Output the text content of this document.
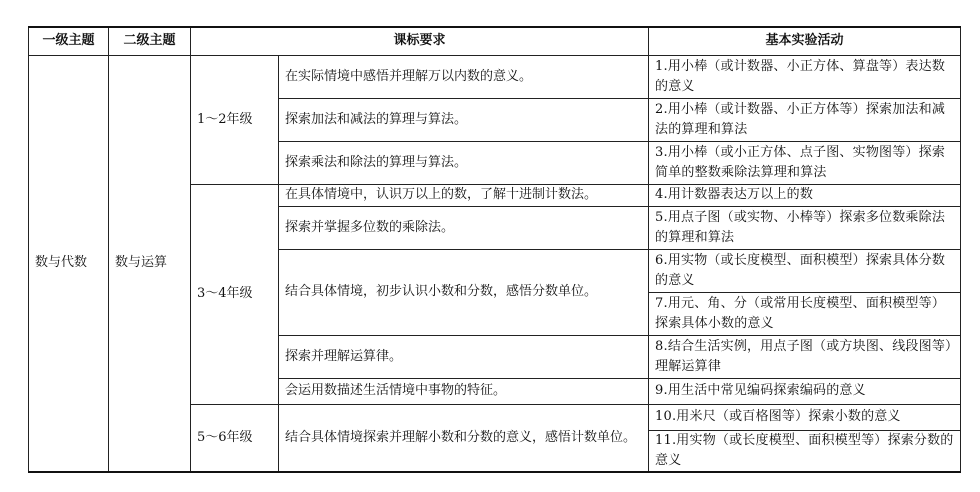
一级主题	二级主题	课标要求		基本实验活动
数与代数	数与运算	1～2年级	在实际情境中感悟并理解万以内数的意义。	1.用小棒（或计数器、小正方体、算盘等）表达数的意义
			探索加法和减法的算理与算法。	2.用小棒（或计数器、小正方体等）探索加法和减法的算理和算法
			探索乘法和除法的算理与算法。	3.用小棒（或小正方体、点子图、实物图等）探索简单的整数乘除法算理和算法
		3～4年级	在具体情境中，认识万以上的数，了解十进制计数法。	4.用计数器表达万以上的数
			探索并掌握多位数的乘除法。	5.用点子图（或实物、小棒等）探索多位数乘除法的算理和算法
			结合具体情境，初步认识小数和分数，感悟分数单位。	6.用实物（或长度模型、面积模型）探索具体分数的意义
				7.用元、角、分（或常用长度模型、面积模型等）探索具体小数的意义
			探索并理解运算律。	8.结合生活实例，用点子图（或方块图、线段图等）理解运算律
			会运用数描述生活情境中事物的特征。	9.用生活中常见编码探索编码的意义
		5～6年级	结合具体情境探索并理解小数和分数的意义，感悟计数单位。	10.用米尺（或百格图等）探索小数的意义
				11.用实物（或长度模型、面积模型等）探索分数的意义
